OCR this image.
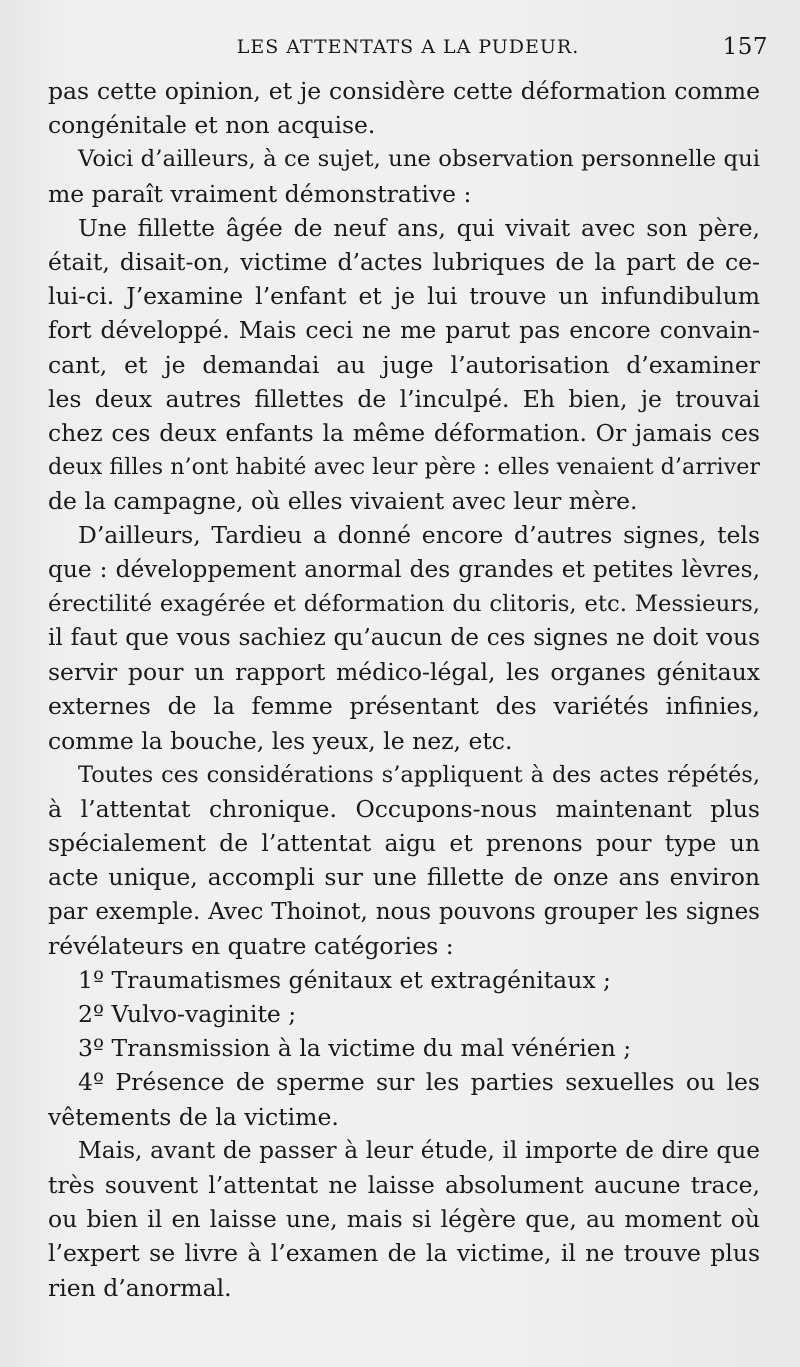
LES ATTENTATS A LA PUDEUR.	157
pas cette opinion, et je considère cette déformation comme
congénitale et non acquise.
Voici d’ailleurs, à ce sujet, une observation personnelle qui
me paraît vraiment démonstrative :
Une fillette âgée de neuf ans, qui vivait avec son père,
était, disait-on, victime d’actes lubriques de la part de ce-
lui-ci. J’examine l’enfant et je lui trouve un infundibulum
fort développé. Mais ceci ne me parut pas encore convain-
cant, et je demandai au juge l’autorisation d’examiner
les deux autres fillettes de l’inculpé. Eh bien, je trouvai
chez ces deux enfants la même déformation. Or jamais ces
deux filles n’ont habité avec leur père : elles venaient d’arriver
de la campagne, où elles vivaient avec leur mère.
D’ailleurs, Tardieu a donné encore d’autres signes, tels
que : développement anormal des grandes et petites lèvres,
érectilité exagérée et déformation du clitoris, etc. Messieurs,
il faut que vous sachiez qu’aucun de ces signes ne doit vous
servir pour un rapport médico-légal, les organes génitaux
externes de la femme présentant des variétés infinies,
comme la bouche, les yeux, le nez, etc.
Toutes ces considérations s’appliquent à des actes répétés,
à l’attentat chronique. Occupons-nous maintenant plus
spécialement de l’attentat aigu et prenons pour type un
acte unique, accompli sur une fillette de onze ans environ
par exemple. Avec Thoinot, nous pouvons grouper les signes
révélateurs en quatre catégories :
1º Traumatismes génitaux et extragénitaux ;
2º Vulvo-vaginite ;
3º Transmission à la victime du mal vénérien ;
4º Présence de sperme sur les parties sexuelles ou les
vêtements de la victime.
Mais, avant de passer à leur étude, il importe de dire que
très souvent l’attentat ne laisse absolument aucune trace,
ou bien il en laisse une, mais si légère que, au moment où
l’expert se livre à l’examen de la victime, il ne trouve plus
rien d’anormal.
